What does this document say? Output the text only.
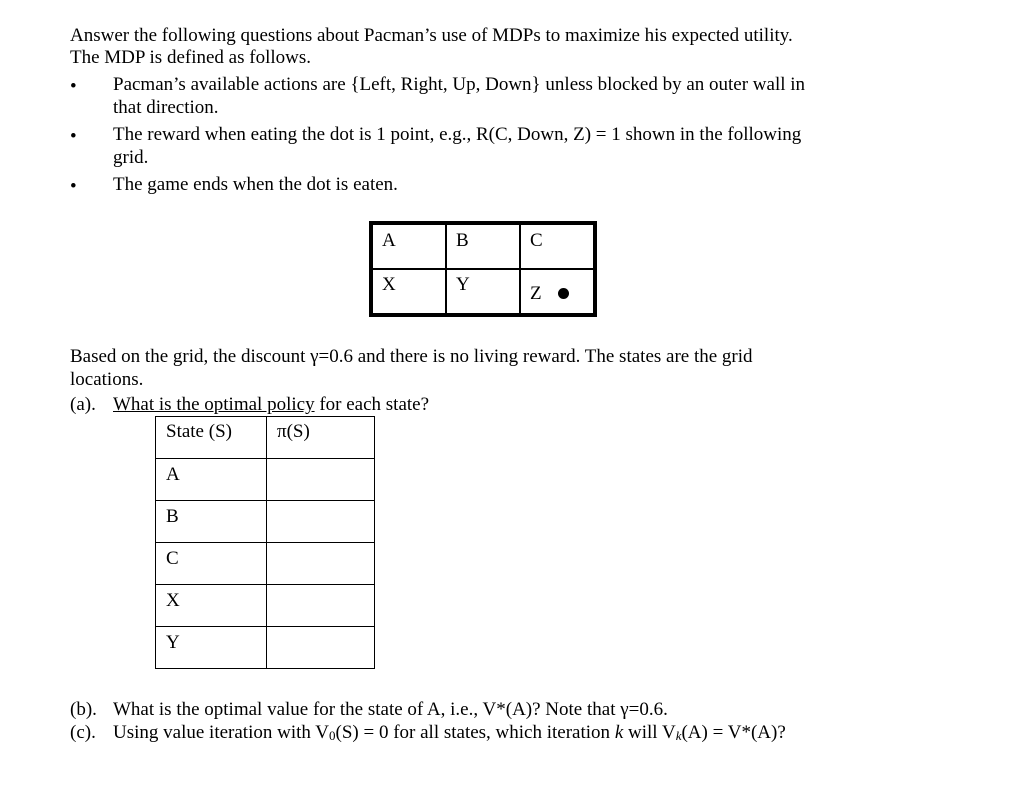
Answer the following questions about Pacman’s use of MDPs to maximize his expected utility.
The MDP is defined as follows.
• Pacman’s available actions are {Left, Right, Up, Down} unless blocked by an outer wall in
that direction.
• The reward when eating the dot is 1 point, e.g., R(C, Down, Z) = 1 shown in the following
grid.
• The game ends when the dot is eaten.
A	B	C
X	Y	Z
Based on the grid, the discount γ=0.6 and there is no living reward. The states are the grid
locations.
(a). What is the optimal policy for each state?
State (S)	π(S)
A	
B	
C	
X	
Y	
(b). What is the optimal value for the state of A, i.e., V*(A)? Note that γ=0.6.
(c). Using value iteration with V0(S) = 0 for all states, which iteration k will Vk(A) = V*(A)?
